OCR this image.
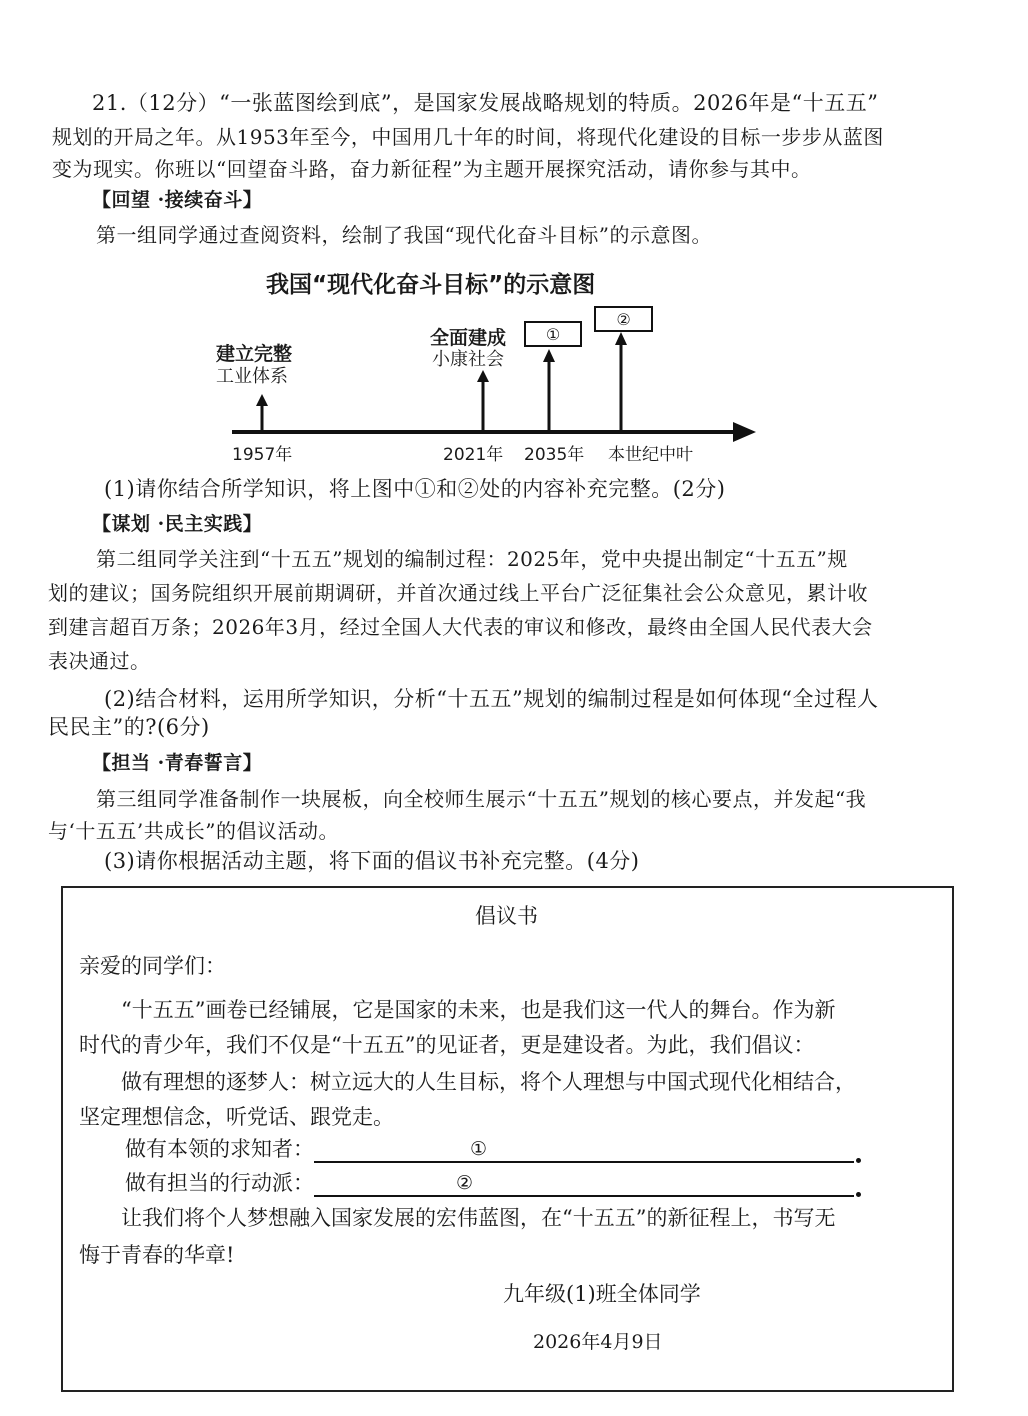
21.（12分）“一张蓝图绘到底”，是国家发展战略规划的特质。2026年是“十五五”
规划的开局之年。从1953年至今，中国用几十年的时间，将现代化建设的目标一步步从蓝图
变为现实。你班以“回望奋斗路，奋力新征程”为主题开展探究活动，请你参与其中。
【回望 ·接续奋斗】
第一组同学通过查阅资料，绘制了我国“现代化奋斗目标”的示意图。
我国“现代化奋斗目标”的示意图
建立完整
工业体系
全面建成
小康社会
①
②
1957年	2021年 2035年 本世纪中叶
(1)请你结合所学知识，将上图中①和②处的内容补充完整。(2分)
【谋划 ·民主实践】
第二组同学关注到“十五五”规划的编制过程：2025年，党中央提出制定“十五五”规
划的建议；国务院组织开展前期调研，并首次通过线上平台广泛征集社会公众意见，累计收
到建言超百万条；2026年3月，经过全国人大代表的审议和修改，最终由全国人民代表大会
表决通过。
(2)结合材料，运用所学知识，分析“十五五”规划的编制过程是如何体现“全过程人
民民主”的?(6分)
【担当 ·青春誓言】
第三组同学准备制作一块展板，向全校师生展示“十五五”规划的核心要点，并发起“我
与‘十五五’共成长”的倡议活动。
(3)请你根据活动主题，将下面的倡议书补充完整。(4分)
倡议书
亲爱的同学们：
“十五五”画卷已经铺展，它是国家的未来，也是我们这一代人的舞台。作为新
时代的青少年，我们不仅是“十五五”的见证者，更是建设者。为此，我们倡议：
做有理想的逐梦人：树立远大的人生目标，将个人理想与中国式现代化相结合，
坚定理想信念，听党话、跟党走。
做有本领的求知者：	①
做有担当的行动派：	②
让我们将个人梦想融入国家发展的宏伟蓝图，在“十五五”的新征程上，书写无
悔于青春的华章!
九年级(1)班全体同学
2026年4月9日
